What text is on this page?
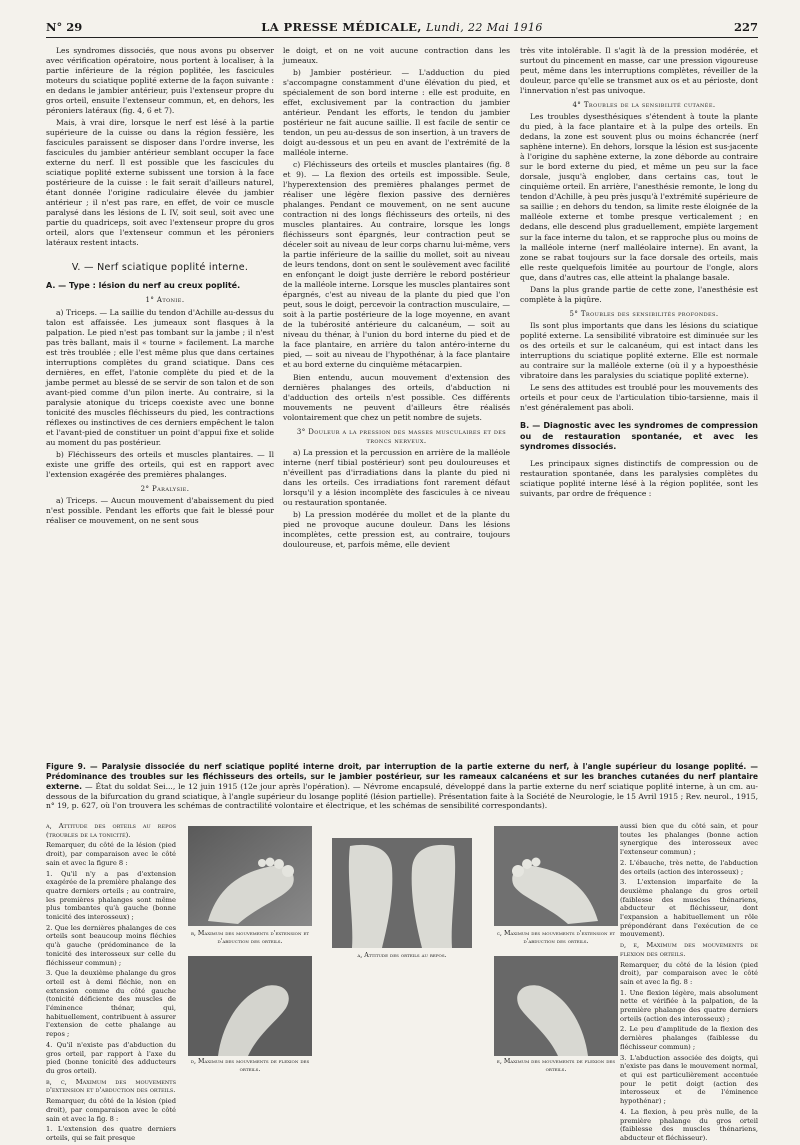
N° 29	LA PRESSE MÉDICALE, Lundi, 22 Mai 1916	227

Les syndromes dissociés, que nous avons pu observer avec vérification opératoire, nous portent à localiser, à la partie inférieure de la région poplitée, les fascicules moteurs du sciatique poplité externe de la façon suivante : en dedans le jambier antérieur, puis l'extenseur propre du gros orteil, ensuite l'extenseur commun, et, en dehors, les péroniers latéraux (fig. 4, 6 et 7).

Mais, à vrai dire, lorsque le nerf est lésé à la partie supérieure de la cuisse ou dans la région fessière, les fascicules paraissent se disposer dans l'ordre inverse, les fascicules du jambier antérieur semblant occuper la face externe du nerf. Il est possible que les fascicules du sciatique poplité externe subissent une torsion à la face postérieure de la cuisse : le fait serait d'ailleurs naturel, étant donnée l'origine radiculaire élevée du jambier antérieur ; il n'est pas rare, en effet, de voir ce muscle paralysé dans les lésions de L IV, soit seul, soit avec une partie du quadriceps, soit avec l'extenseur propre du gros orteil, alors que l'extenseur commun et les péroniers latéraux restent intacts.

V. — Nerf sciatique poplité interne.
A. — Type : lésion du nerf au creux poplité.

1° Atonie.

a) Triceps. — La saillie du tendon d'Achille au-dessus du talon est affaissée. Les jumeaux sont flasques à la palpation. Le pied n'est pas tombant sur la jambe ; il n'est pas très ballant, mais il « tourne » facilement. La marche est très troublée ; elle l'est même plus que dans certaines interruptions complètes du grand sciatique. Dans ces dernières, en effet, l'atonie complète du pied et de la jambe permet au blessé de se servir de son talon et de son avant-pied comme d'un pilon inerte. Au contraire, si la paralysie atonique du triceps coexiste avec une bonne tonicité des muscles fléchisseurs du pied, les contractions réflexes ou instinctives de ces derniers empêchent le talon et l'avant-pied de constituer un point d'appui fixe et solide au moment du pas postérieur.

b) Fléchisseurs des orteils et muscles plantaires. — Il existe une griffe des orteils, qui est en rapport avec l'extension exagérée des premières phalanges.

2° Paralysie.

a) Triceps. — Aucun mouvement d'abaissement du pied n'est possible. Pendant les efforts que fait le blessé pour réaliser ce mouvement, on ne sent sous

le doigt, et on ne voit aucune contraction dans les jumeaux.

b) Jambier postérieur. — L'adduction du pied s'accompagne constamment d'une élévation du pied, et spécialement de son bord interne : elle est produite, en effet, exclusivement par la contraction du jambier antérieur. Pendant les efforts, le tendon du jambier postérieur ne fait aucune saillie. Il est facile de sentir ce tendon, un peu au-dessus de son insertion, à un travers de doigt au-dessous et un peu en avant de l'extrémité de la malléole interne.

c) Fléchisseurs des orteils et muscles plantaires (fig. 8 et 9). — La flexion des orteils est impossible. Seule, l'hyperextension des premières phalanges permet de réaliser une légère flexion passive des dernières phalanges. Pendant ce mouvement, on ne sent aucune contraction ni des longs fléchisseurs des orteils, ni des muscles plantaires. Au contraire, lorsque les longs fléchisseurs sont épargnés, leur contraction peut se déceler soit au niveau de leur corps charnu lui-même, vers la partie inférieure de la saillie du mollet, soit au niveau de leurs tendons, dont on sent le soulèvement avec facilité en enfonçant le doigt juste derrière le rebord postérieur de la malléole interne. Lorsque les muscles plantaires sont épargnés, c'est au niveau de la plante du pied que l'on peut, sous le doigt, percevoir la contraction musculaire, — soit à la partie postérieure de la loge moyenne, en avant de la tubérosité antérieure du calcanéum, — soit au niveau du thénar, à l'union du bord interne du pied et de la face plantaire, en arrière du talon antéro-interne du pied, — soit au niveau de l'hypothénar, à la face plantaire et au bord externe du cinquième métacarpien.

Bien entendu, aucun mouvement d'extension des dernières phalanges des orteils, d'abduction ni d'adduction des orteils n'est possible. Ces différents mouvements ne peuvent d'ailleurs être réalisés volontairement que chez un petit nombre de sujets.

3° Douleur a la pression des masses musculaires et des troncs nerveux.

a) La pression et la percussion en arrière de la malléole interne (nerf tibial postérieur) sont peu douloureuses et n'éveillent pas d'irradiations dans la plante du pied ni dans les orteils. Ces irradiations font rarement défaut lorsqu'il y a lésion incomplète des fascicules à ce niveau ou restauration spontanée.

b) La pression modérée du mollet et de la plante du pied ne provoque aucune douleur. Dans les lésions incomplètes, cette pression est, au contraire, toujours douloureuse, et, parfois même, elle devient

très vite intolérable. Il s'agit là de la pression modérée, et surtout du pincement en masse, car une pression vigoureuse peut, même dans les interruptions complètes, réveiller de la douleur, parce qu'elle se transmet aux os et au périoste, dont l'innervation n'est pas univoque.

4° Troubles de la sensibilité cutanée.

Les troubles dysesthésiques s'étendent à toute la plante du pied, à la face plantaire et à la pulpe des orteils. En dedans, la zone est souvent plus ou moins échancrée (nerf saphène interne). En dehors, lorsque la lésion est sus-jacente à l'origine du saphène externe, la zone déborde au contraire sur le bord externe du pied, et même un peu sur la face dorsale, jusqu'à englober, dans certains cas, tout le cinquième orteil. En arrière, l'anesthésie remonte, le long du tendon d'Achille, à peu près jusqu'à l'extrémité supérieure de sa saillie ; en dehors du tendon, sa limite reste éloignée de la malléole externe et tombe presque verticalement ; en dedans, elle descend plus graduellement, empiète largement sur la face interne du talon, et se rapproche plus ou moins de la malléole interne (nerf malléolaire interne). En avant, la zone se rabat toujours sur la face dorsale des orteils, mais elle reste quelquefois limitée au pourtour de l'ongle, alors que, dans d'autres cas, elle atteint la phalange basale.

Dans la plus grande partie de cette zone, l'anesthésie est complète à la piqûre.

5° Troubles des sensibilités profondes.

Ils sont plus importants que dans les lésions du sciatique poplité externe. La sensibilité vibratoire est diminuée sur les os des orteils et sur le calcanéum, qui est intact dans les interruptions du sciatique poplité externe. Elle est normale au contraire sur la malléole externe (où il y a hypoesthésie vibratoire dans les paralysies du sciatique poplité externe).

Le sens des attitudes est troublé pour les mouvements des orteils et pour ceux de l'articulation tibio-tarsienne, mais il n'est généralement pas aboli.

B. — Diagnostic avec les syndromes de compression ou de restauration spontanée, et avec les syndromes dissociés.

Les principaux signes distinctifs de compression ou de restauration spontanée, dans les paralysies complètes du sciatique poplité interne lésé à la région poplitée, sont les suivants, par ordre de fréquence :

Figure 9. — Paralysie dissociée du nerf sciatique poplité interne droit, par interruption de la partie externe du nerf, à l'angle supérieur du losange poplité. — Prédominance des troubles sur les fléchisseurs des orteils, sur le jambier postérieur, sur les rameaux calcanéens et sur les branches cutanées du nerf plantaire externe. — État du soldat Sei..., le 12 juin 1915 (12e jour après l'opération). — Névrome encapsulé, développé dans la partie externe du nerf sciatique poplité interne, à un cm. au-dessous de la bifurcation du grand sciatique, à l'angle supérieur du losange poplité (lésion partielle). Présentation faite à la Société de Neurologie, le 15 Avril 1915 ; Rev. neurol., 1915, n° 19, p. 627, où l'on trouvera les schémas de contractilité volontaire et électrique, et les schémas de sensibilité correspondants).

a, Attitude des orteils au repos (troubles de la tonicité).

Remarquer, du côté de la lésion (pied droit), par comparaison avec le côté sain et avec la figure 8 :

1. Qu'il n'y a pas d'extension exagérée de la première phalange des quatre derniers orteils ; au contraire, les premières phalanges sont même plus tombantes qu'à gauche (bonne tonicité des interosseux) ;

2. Que les dernières phalanges de ces orteils sont beaucoup moins fléchies qu'à gauche (prédominance de la tonicité des interosseux sur celle du fléchisseur commun) ;

3. Que la deuxième phalange du gros orteil est à demi fléchie, non en extension comme du côté gauche (tonicité déficiente des muscles de l'éminence thénar, qui, habituellement, contribuent à assurer l'extension de cette phalange au repos ;

4. Qu'il n'existe pas d'abduction du gros orteil, par rapport à l'axe du pied (bonne tonicité des adducteurs du gros orteil).

b, c, Maximum des mouvements d'extension et d'abduction des orteils.

Remarquer, du côté de la lésion (pied droit), par comparaison avec le côté sain et avec la fig. 8 :

1. L'extension des quatre derniers orteils, qui se fait presque

aussi bien que du côté sain, et pour toutes les phalanges (bonne action synergique des interosseux avec l'extenseur commun) ;

2. L'ébauche, très nette, de l'abduction des orteils (action des interosseux) ;

3. L'extension imparfaite de la deuxième phalange du gros orteil (faiblesse des muscles thénariens, abducteur et fléchisseur, dont l'expansion a habituellement un rôle prépondérant dans l'exécution de ce mouvement).

d, e, Maximum des mouvements de flexion des orteils.

Remarquer, du côté de la lésion (pied droit), par comparaison avec le côté sain et avec la fig. 8 :

1. Une flexion légère, mais absolument nette et vérifiée à la palpation, de la première phalange des quatre derniers orteils (action des interosseux) ;

2. Le peu d'amplitude de la flexion des dernières phalanges (faiblesse du fléchisseur commun) ;

3. L'abduction associée des doigts, qui n'existe pas dans le mouvement normal, et qui est particulièrement accentuée pour le petit doigt (action des interosseux et de l'éminence hypothénar) ;

4. La flexion, à peu près nulle, de la première phalange du gros orteil (faiblesse des muscles thénariens, abducteur et fléchisseur).

b, Maximum des mouvements d'extension et d'abduction des orteils.
a, Attitude des orteils au repos.
c, Maximum des mouvements d'extension et d'abduction des orteils.
d, Maximum des mouvements de flexion des orteils.
e, Maximum des mouvements de flexion des orteils.
